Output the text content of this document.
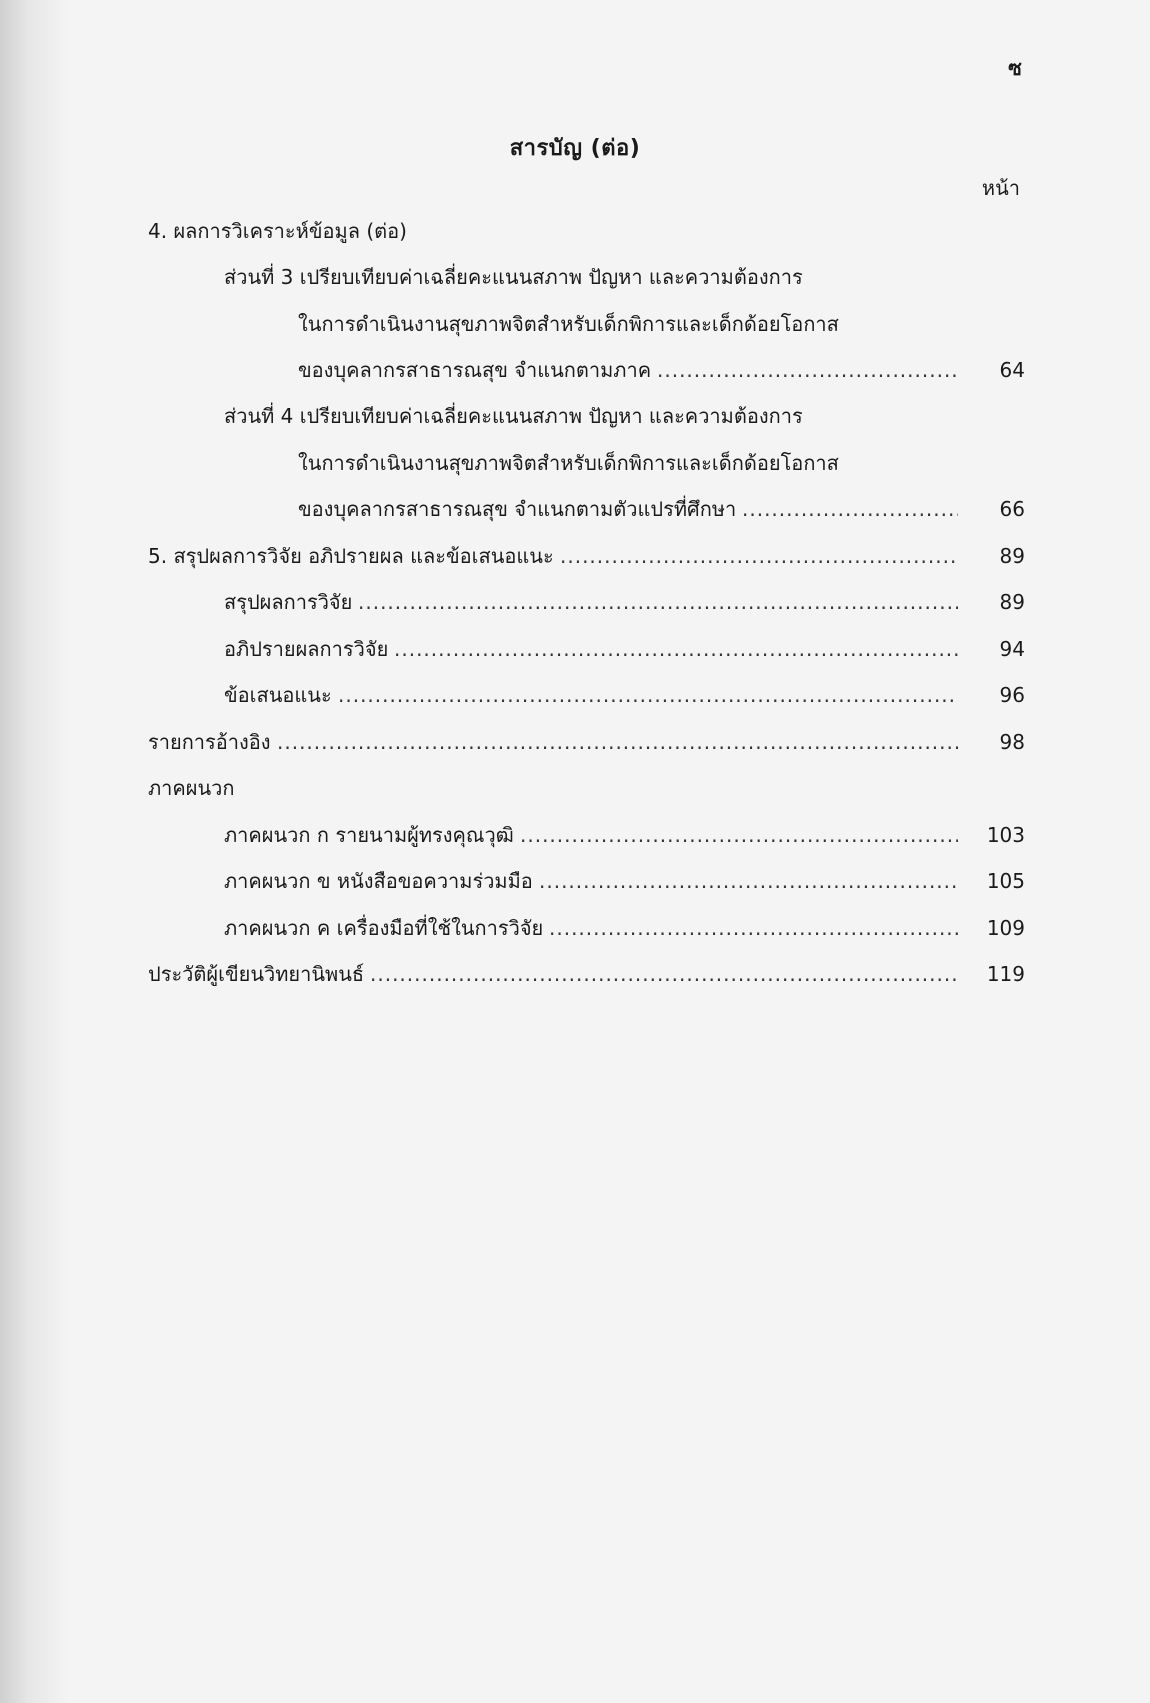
ซ
สารบัญ (ต่อ)
หน้า
4. ผลการวิเคราะห์ข้อมูล (ต่อ)
ส่วนที่ 3 เปรียบเทียบค่าเฉลี่ยคะแนนสภาพ ปัญหา และความต้องการ
ในการดำเนินงานสุขภาพจิตสำหรับเด็กพิการและเด็กด้อยโอกาส
ของบุคลากรสาธารณสุข จำแนกตามภาค .....	64
ส่วนที่ 4 เปรียบเทียบค่าเฉลี่ยคะแนนสภาพ ปัญหา และความต้องการ
ในการดำเนินงานสุขภาพจิตสำหรับเด็กพิการและเด็กด้อยโอกาส
ของบุคลากรสาธารณสุข จำแนกตามตัวแปรที่ศึกษา .....	66
5. สรุปผลการวิจัย อภิปรายผล และข้อเสนอแนะ .....	89
สรุปผลการวิจัย .....	89
อภิปรายผลการวิจัย .....	94
ข้อเสนอแนะ .....	96
รายการอ้างอิง .....	98
ภาคผนวก
ภาคผนวก ก รายนามผู้ทรงคุณวุฒิ .....	103
ภาคผนวก ข หนังสือขอความร่วมมือ .....	105
ภาคผนวก ค เครื่องมือที่ใช้ในการวิจัย .....	109
ประวัติผู้เขียนวิทยานิพนธ์ .....	119
